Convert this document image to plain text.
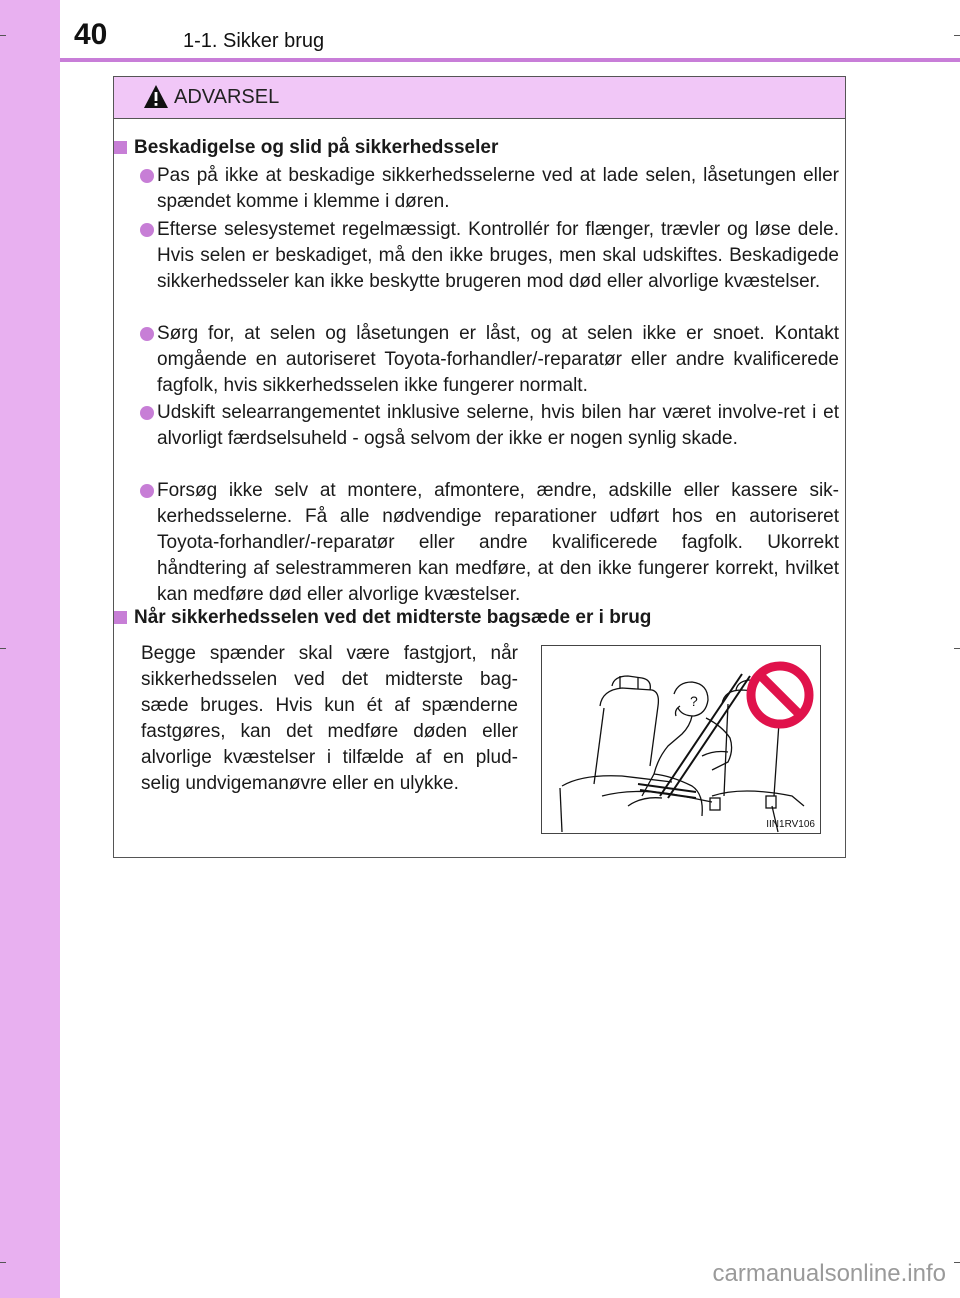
40	1-1. Sikker brug
ADVARSEL
Beskadigelse og slid på sikkerhedsseler
Pas på ikke at beskadige sikkerhedsselerne ved at lade selen, låsetungen eller spændet komme i klemme i døren.
Efterse selesystemet regelmæssigt. Kontrollér for flænger, trævler og løse dele. Hvis selen er beskadiget, må den ikke bruges, men skal udskiftes. Beskadigede sikkerhedsseler kan ikke beskytte brugeren mod død eller alvorlige kvæstelser.
Sørg for, at selen og låsetungen er låst, og at selen ikke er snoet. Kontakt omgående en autoriseret Toyota-forhandler/-reparatør eller andre kvalificerede fagfolk, hvis sikkerhedsselen ikke fungerer normalt.
Udskift selearrangementet inklusive selerne, hvis bilen har været involve-ret i et alvorligt færdselsuheld - også selvom der ikke er nogen synlig skade.
Forsøg ikke selv at montere, afmontere, ændre, adskille eller kassere sik-kerhedsselerne. Få alle nødvendige reparationer udført hos en autoriseret Toyota-forhandler/-reparatør eller andre kvalificerede fagfolk. Ukorrekt håndtering af selestrammeren kan medføre, at den ikke fungerer korrekt, hvilket kan medføre død eller alvorlige kvæstelser.
Når sikkerhedsselen ved det midterste bagsæde er i brug
Begge spænder skal være fastgjort, når sikkerhedsselen ved det midterste bag-sæde bruges. Hvis kun ét af spænderne fastgøres, kan det medføre døden eller alvorlige kvæstelser i tilfælde af en plud-selig undvigemanøvre eller en ulykke.
?
IIN1RV106
carmanualsonline.info
